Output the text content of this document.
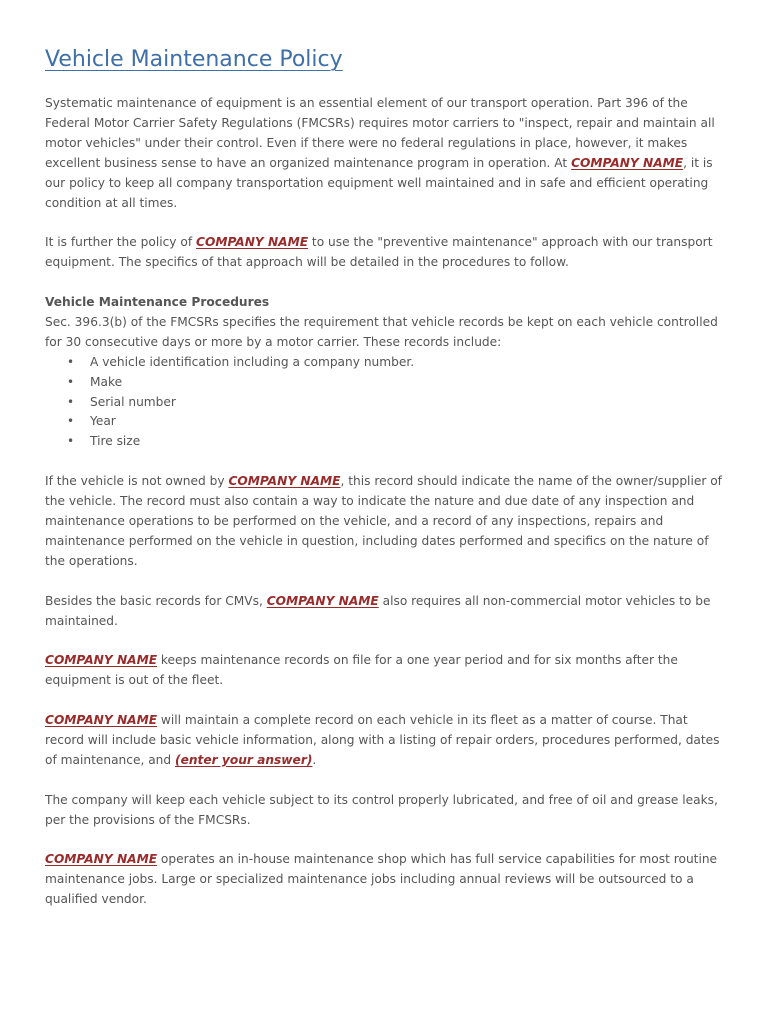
Vehicle Maintenance Policy

Systematic maintenance of equipment is an essential element of our transport operation. Part 396 of the Federal Motor Carrier Safety Regulations (FMCSRs) requires motor carriers to "inspect, repair and maintain all motor vehicles" under their control. Even if there were no federal regulations in place, however, it makes excellent business sense to have an organized maintenance program in operation. At COMPANY NAME, it is our policy to keep all company transportation equipment well maintained and in safe and efficient operating condition at all times.

It is further the policy of COMPANY NAME to use the "preventive maintenance" approach with our transport equipment. The specifics of that approach will be detailed in the procedures to follow.

Vehicle Maintenance Procedures

Sec. 396.3(b) of the FMCSRs specifies the requirement that vehicle records be kept on each vehicle controlled for 30 consecutive days or more by a motor carrier. These records include:

• A vehicle identification including a company number.
• Make
• Serial number
• Year
• Tire size

If the vehicle is not owned by COMPANY NAME, this record should indicate the name of the owner/supplier of the vehicle. The record must also contain a way to indicate the nature and due date of any inspection and maintenance operations to be performed on the vehicle, and a record of any inspections, repairs and maintenance performed on the vehicle in question, including dates performed and specifics on the nature of the operations.

Besides the basic records for CMVs, COMPANY NAME also requires all non-commercial motor vehicles to be maintained.

COMPANY NAME keeps maintenance records on file for a one year period and for six months after the equipment is out of the fleet.

COMPANY NAME will maintain a complete record on each vehicle in its fleet as a matter of course. That record will include basic vehicle information, along with a listing of repair orders, procedures performed, dates of maintenance, and (enter your answer).

The company will keep each vehicle subject to its control properly lubricated, and free of oil and grease leaks, per the provisions of the FMCSRs.

COMPANY NAME operates an in-house maintenance shop which has full service capabilities for most routine maintenance jobs. Large or specialized maintenance jobs including annual reviews will be outsourced to a qualified vendor.
